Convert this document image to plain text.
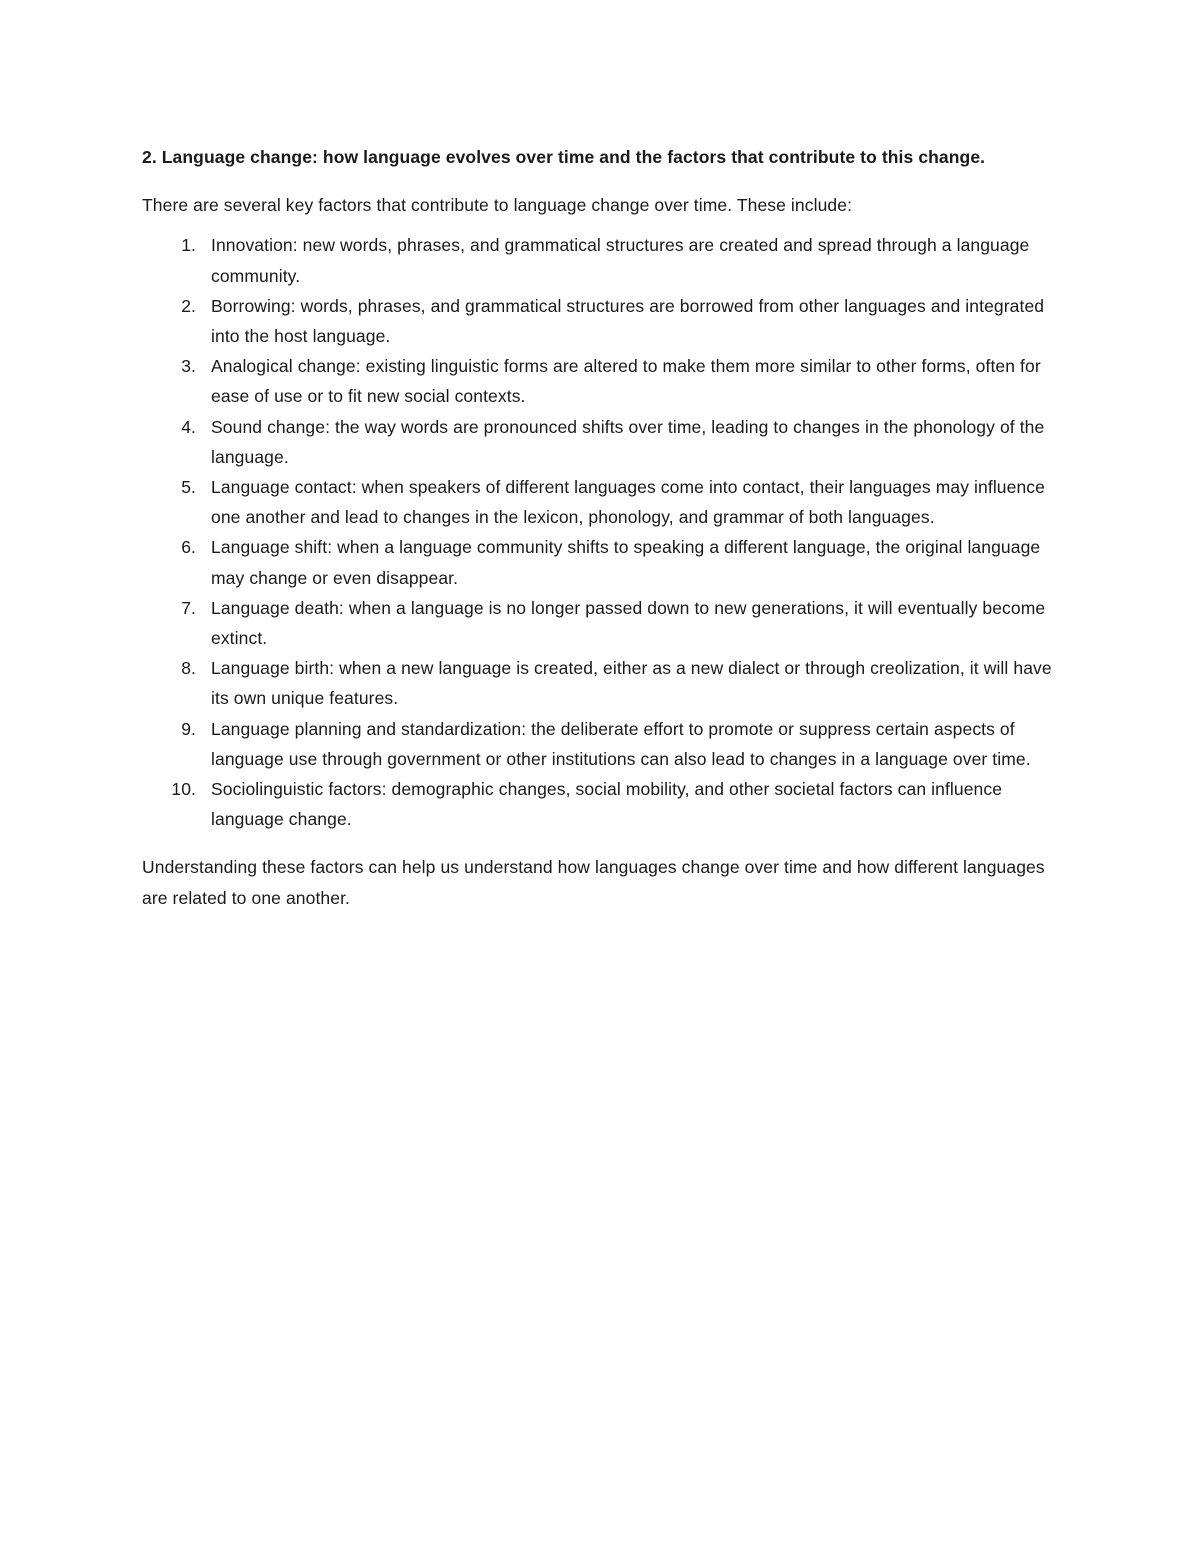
2. Language change: how language evolves over time and the factors that contribute to this change.

There are several key factors that contribute to language change over time. These include:

1. Innovation: new words, phrases, and grammatical structures are created and spread through a language community.
2. Borrowing: words, phrases, and grammatical structures are borrowed from other languages and integrated into the host language.
3. Analogical change: existing linguistic forms are altered to make them more similar to other forms, often for ease of use or to fit new social contexts.
4. Sound change: the way words are pronounced shifts over time, leading to changes in the phonology of the language.
5. Language contact: when speakers of different languages come into contact, their languages may influence one another and lead to changes in the lexicon, phonology, and grammar of both languages.
6. Language shift: when a language community shifts to speaking a different language, the original language may change or even disappear.
7. Language death: when a language is no longer passed down to new generations, it will eventually become extinct.
8. Language birth: when a new language is created, either as a new dialect or through creolization, it will have its own unique features.
9. Language planning and standardization: the deliberate effort to promote or suppress certain aspects of language use through government or other institutions can also lead to changes in a language over time.
10. Sociolinguistic factors: demographic changes, social mobility, and other societal factors can influence language change.

Understanding these factors can help us understand how languages change over time and how different languages are related to one another.
